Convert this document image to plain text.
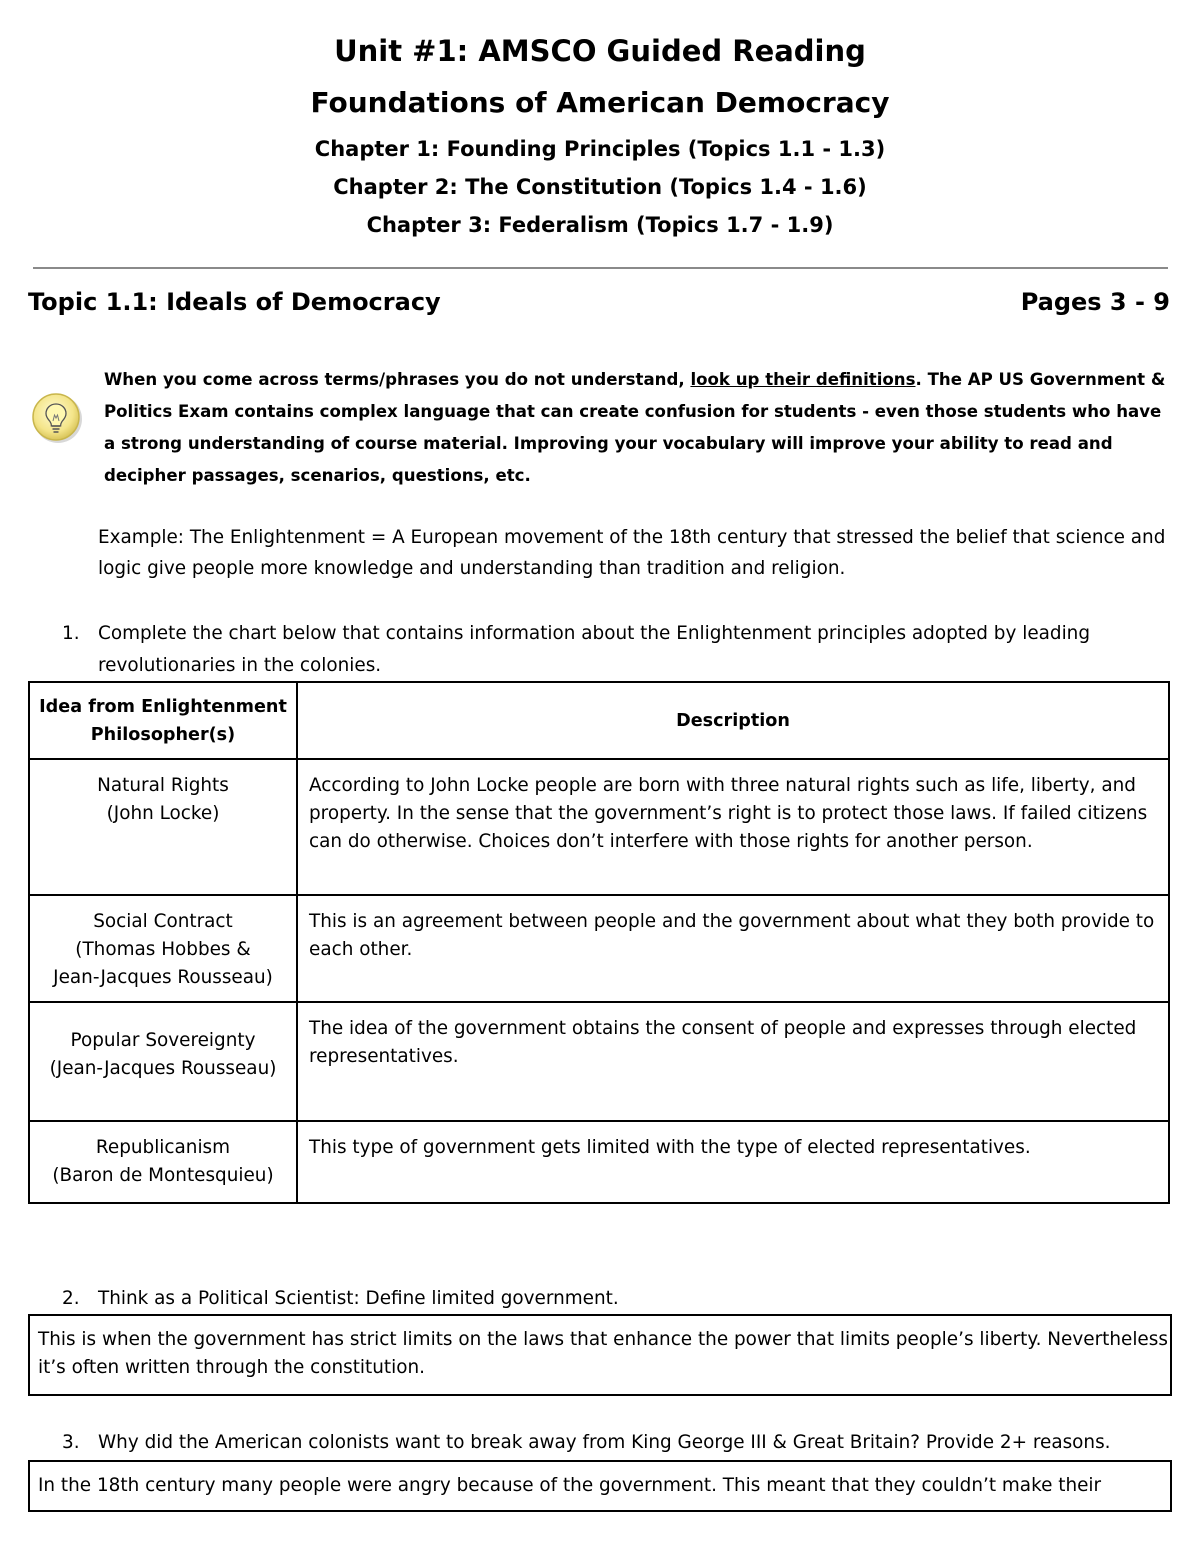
Unit #1: AMSCO Guided Reading
Foundations of American Democracy
Chapter 1: Founding Principles (Topics 1.1 - 1.3)
Chapter 2: The Constitution (Topics 1.4 - 1.6)
Chapter 3: Federalism (Topics 1.7 - 1.9)
Topic 1.1: Ideals of Democracy	Pages 3 - 9
When you come across terms/phrases you do not understand, look up their definitions. The AP US Government & Politics Exam contains complex language that can create confusion for students - even those students who have a strong understanding of course material. Improving your vocabulary will improve your ability to read and decipher passages, scenarios, questions, etc.
Example: The Enlightenment = A European movement of the 18th century that stressed the belief that science and logic give people more knowledge and understanding than tradition and religion.
1. Complete the chart below that contains information about the Enlightenment principles adopted by leading revolutionaries in the colonies.
Idea from Enlightenment Philosopher(s)	Description

Natural Rights
(John Locke)	According to John Locke people are born with three natural rights such as life, liberty, and property. In the sense that the government’s right is to protect those laws. If failed citizens can do otherwise. Choices don’t interfere with those rights for another person.

Social Contract
(Thomas Hobbes &
Jean-Jacques Rousseau)	This is an agreement between people and the government about what they both provide to each other.

Popular Sovereignty
(Jean-Jacques Rousseau)	The idea of the government obtains the consent of people and expresses through elected representatives.

Republicanism
(Baron de Montesquieu)	This type of government gets limited with the type of elected representatives.
2. Think as a Political Scientist: Define limited government.
This is when the government has strict limits on the laws that enhance the power that limits people’s liberty. Nevertheless it’s often written through the constitution.
3. Why did the American colonists want to break away from King George III & Great Britain? Provide 2+ reasons.
In the 18th century many people were angry because of the government. This meant that they couldn’t make their
